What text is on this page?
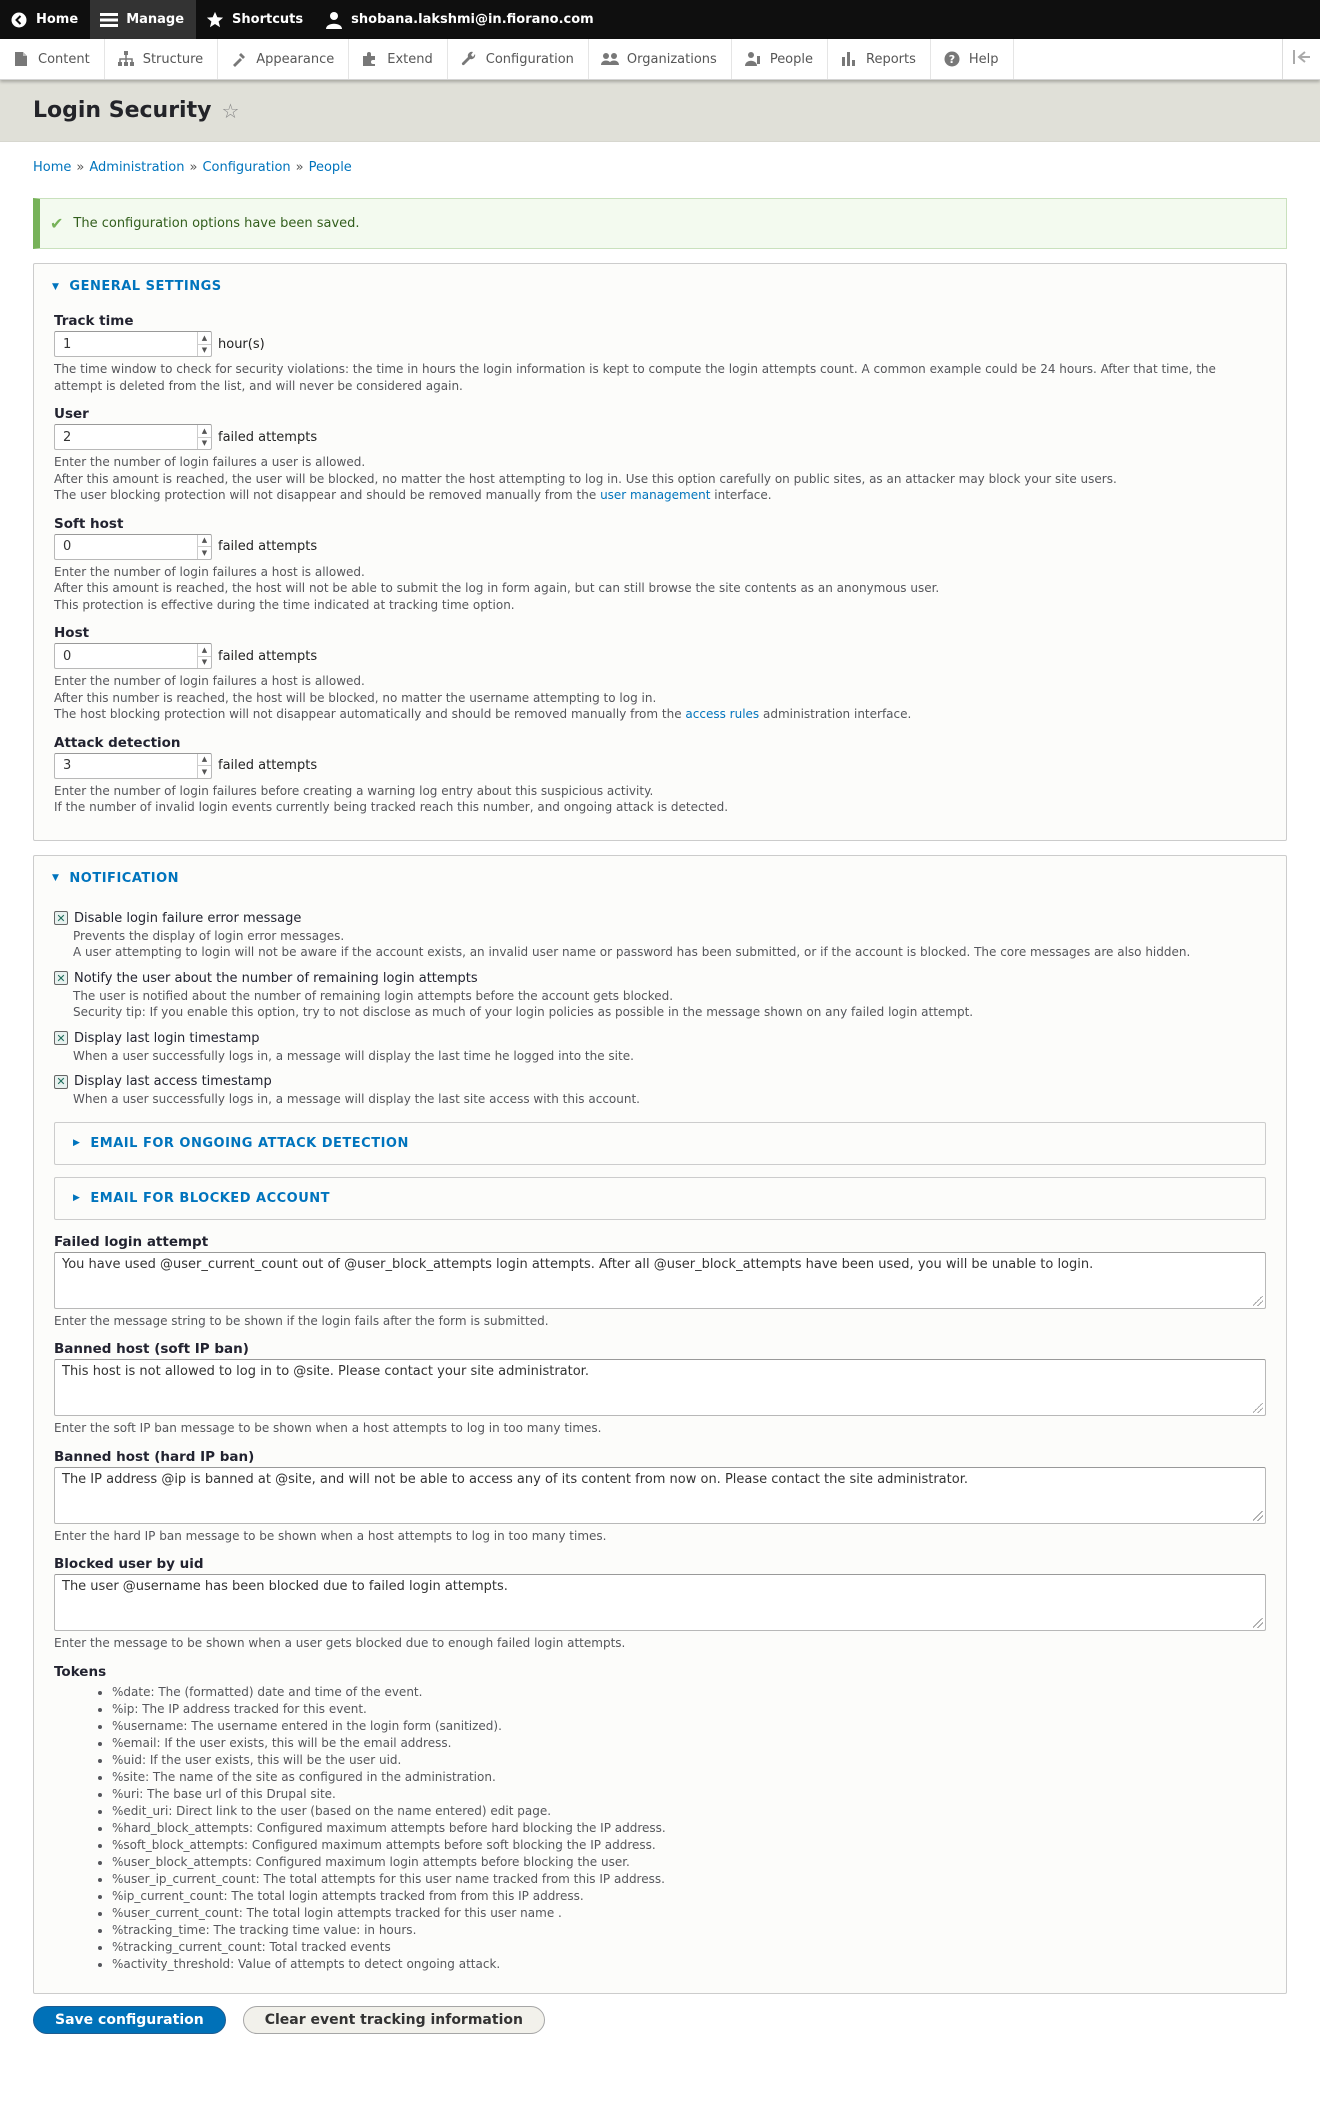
Home	Manage	Shortcuts	shobana.lakshmi@in.fiorano.com
Content	Structure	Appearance	Extend	Configuration	Organizations	People	Reports	? Help
Login Security ☆
Home » Administration » Configuration » People
✔ The configuration options have been saved.
▼ GENERAL SETTINGS
Track time
1
▲
▼ hour(s)
The time window to check for security violations: the time in hours the login information is kept to compute the login attempts count. A common example could be 24 hours. After that time, the attempt is deleted from the list, and will never be considered again.
User
2
▲
▼ failed attempts
Enter the number of login failures a user is allowed.
After this amount is reached, the user will be blocked, no matter the host attempting to log in. Use this option carefully on public sites, as an attacker may block your site users.
The user blocking protection will not disappear and should be removed manually from the user management interface.
Soft host
0
▲
▼ failed attempts
Enter the number of login failures a host is allowed.
After this amount is reached, the host will not be able to submit the log in form again, but can still browse the site contents as an anonymous user.
This protection is effective during the time indicated at tracking time option.
Host
0
▲
▼ failed attempts
Enter the number of login failures a host is allowed.
After this number is reached, the host will be blocked, no matter the username attempting to log in.
The host blocking protection will not disappear automatically and should be removed manually from the access rules administration interface.
Attack detection
3
▲
▼ failed attempts
Enter the number of login failures before creating a warning log entry about this suspicious activity.
If the number of invalid login events currently being tracked reach this number, and ongoing attack is detected.
▼ NOTIFICATION
✕ Disable login failure error message
Prevents the display of login error messages.
A user attempting to login will not be aware if the account exists, an invalid user name or password has been submitted, or if the account is blocked. The core messages are also hidden.
✕ Notify the user about the number of remaining login attempts
The user is notified about the number of remaining login attempts before the account gets blocked.
Security tip: If you enable this option, try to not disclose as much of your login policies as possible in the message shown on any failed login attempt.
✕ Display last login timestamp
When a user successfully logs in, a message will display the last time he logged into the site.
✕ Display last access timestamp
When a user successfully logs in, a message will display the last site access with this account.
▶ EMAIL FOR ONGOING ATTACK DETECTION
▶ EMAIL FOR BLOCKED ACCOUNT
Failed login attempt
You have used @user_current_count out of @user_block_attempts login attempts. After all @user_block_attempts have been used, you will be unable to login.
Enter the message string to be shown if the login fails after the form is submitted.
Banned host (soft IP ban)
This host is not allowed to log in to @site. Please contact your site administrator.
Enter the soft IP ban message to be shown when a host attempts to log in too many times.
Banned host (hard IP ban)
The IP address @ip is banned at @site, and will not be able to access any of its content from now on. Please contact the site administrator.
Enter the hard IP ban message to be shown when a host attempts to log in too many times.
Blocked user by uid
The user @username has been blocked due to failed login attempts.
Enter the message to be shown when a user gets blocked due to enough failed login attempts.
Tokens
• %date: The (formatted) date and time of the event.
• %ip: The IP address tracked for this event.
• %username: The username entered in the login form (sanitized).
• %email: If the user exists, this will be the email address.
• %uid: If the user exists, this will be the user uid.
• %site: The name of the site as configured in the administration.
• %uri: The base url of this Drupal site.
• %edit_uri: Direct link to the user (based on the name entered) edit page.
• %hard_block_attempts: Configured maximum attempts before hard blocking the IP address.
• %soft_block_attempts: Configured maximum attempts before soft blocking the IP address.
• %user_block_attempts: Configured maximum login attempts before blocking the user.
• %user_ip_current_count: The total attempts for this user name tracked from this IP address.
• %ip_current_count: The total login attempts tracked from from this IP address.
• %user_current_count: The total login attempts tracked for this user name .
• %tracking_time: The tracking time value: in hours.
• %tracking_current_count: Total tracked events
• %activity_threshold: Value of attempts to detect ongoing attack.
Save configuration	Clear event tracking information
